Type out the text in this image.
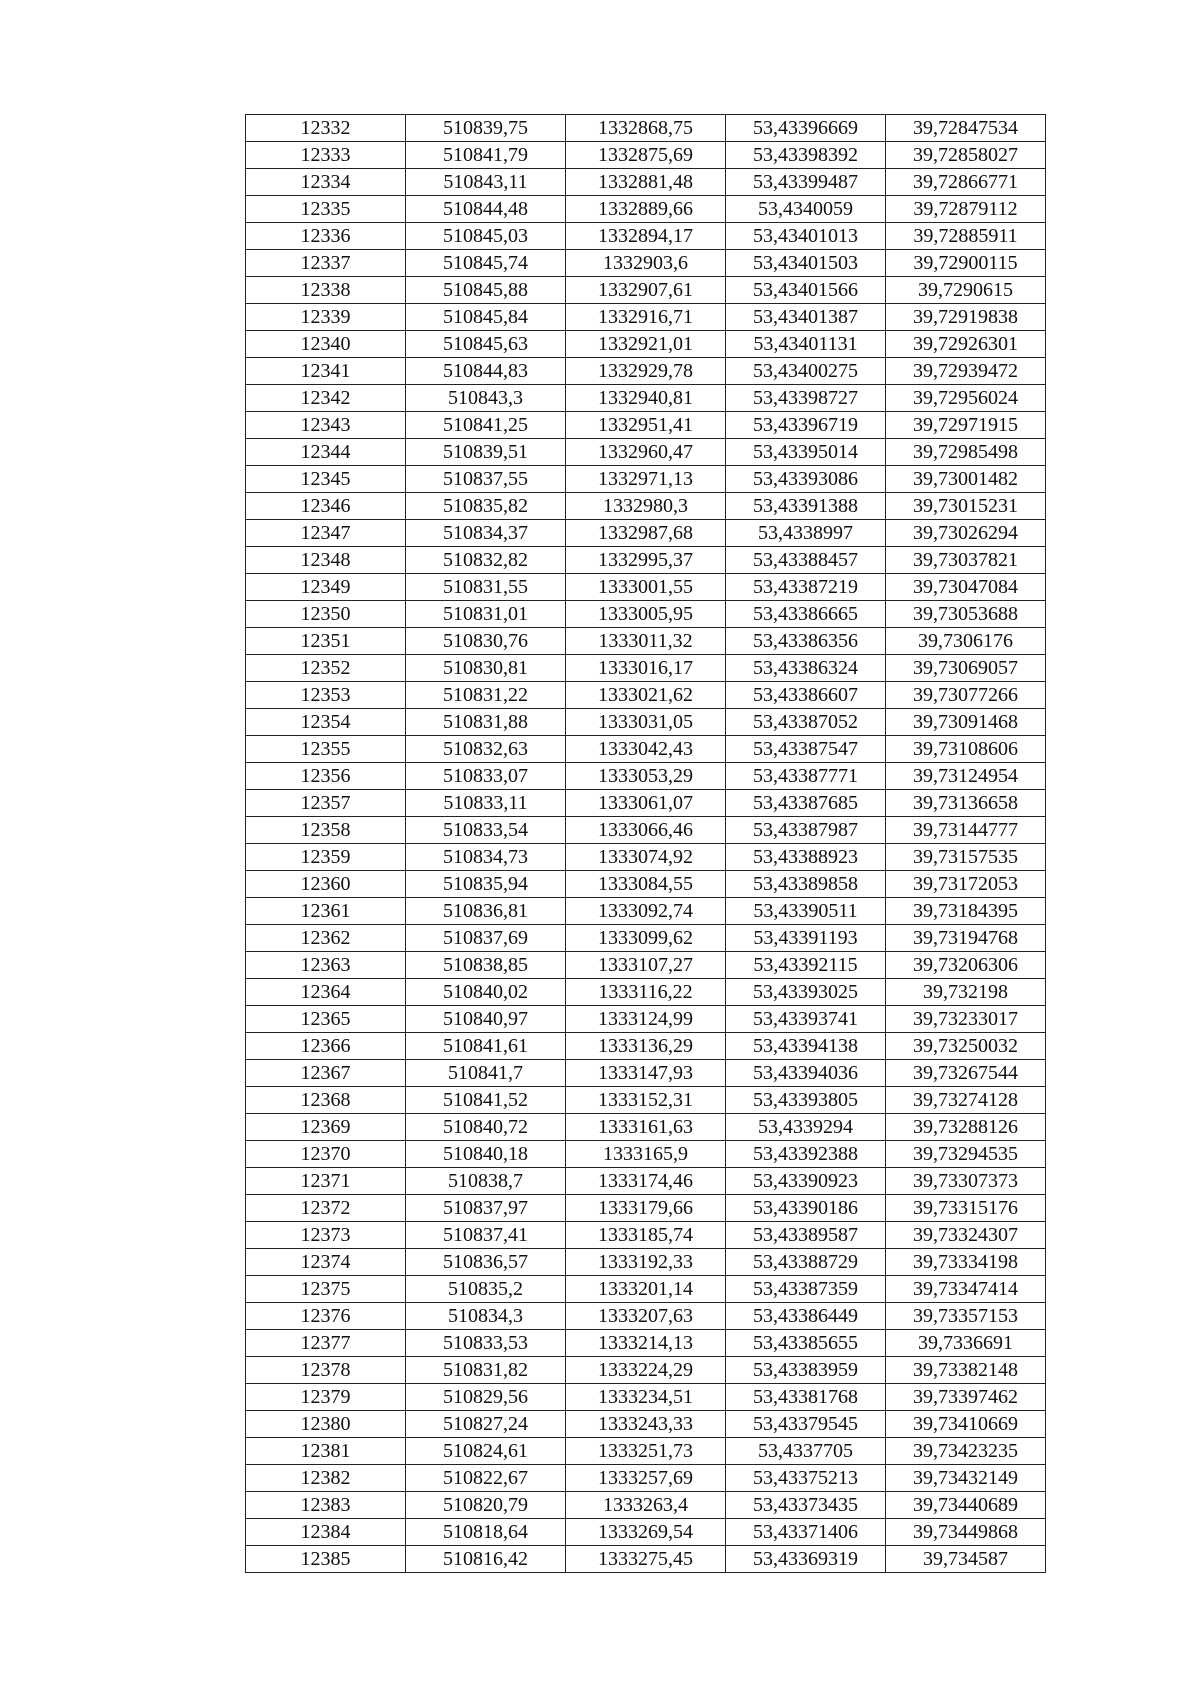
12332	510839,75	1332868,75	53,43396669	39,72847534
12333	510841,79	1332875,69	53,43398392	39,72858027
12334	510843,11	1332881,48	53,43399487	39,72866771
12335	510844,48	1332889,66	53,4340059	39,72879112
12336	510845,03	1332894,17	53,43401013	39,72885911
12337	510845,74	1332903,6	53,43401503	39,72900115
12338	510845,88	1332907,61	53,43401566	39,7290615
12339	510845,84	1332916,71	53,43401387	39,72919838
12340	510845,63	1332921,01	53,43401131	39,72926301
12341	510844,83	1332929,78	53,43400275	39,72939472
12342	510843,3	1332940,81	53,43398727	39,72956024
12343	510841,25	1332951,41	53,43396719	39,72971915
12344	510839,51	1332960,47	53,43395014	39,72985498
12345	510837,55	1332971,13	53,43393086	39,73001482
12346	510835,82	1332980,3	53,43391388	39,73015231
12347	510834,37	1332987,68	53,4338997	39,73026294
12348	510832,82	1332995,37	53,43388457	39,73037821
12349	510831,55	1333001,55	53,43387219	39,73047084
12350	510831,01	1333005,95	53,43386665	39,73053688
12351	510830,76	1333011,32	53,43386356	39,7306176
12352	510830,81	1333016,17	53,43386324	39,73069057
12353	510831,22	1333021,62	53,43386607	39,73077266
12354	510831,88	1333031,05	53,43387052	39,73091468
12355	510832,63	1333042,43	53,43387547	39,73108606
12356	510833,07	1333053,29	53,43387771	39,73124954
12357	510833,11	1333061,07	53,43387685	39,73136658
12358	510833,54	1333066,46	53,43387987	39,73144777
12359	510834,73	1333074,92	53,43388923	39,73157535
12360	510835,94	1333084,55	53,43389858	39,73172053
12361	510836,81	1333092,74	53,43390511	39,73184395
12362	510837,69	1333099,62	53,43391193	39,73194768
12363	510838,85	1333107,27	53,43392115	39,73206306
12364	510840,02	1333116,22	53,43393025	39,732198
12365	510840,97	1333124,99	53,43393741	39,73233017
12366	510841,61	1333136,29	53,43394138	39,73250032
12367	510841,7	1333147,93	53,43394036	39,73267544
12368	510841,52	1333152,31	53,43393805	39,73274128
12369	510840,72	1333161,63	53,4339294	39,73288126
12370	510840,18	1333165,9	53,43392388	39,73294535
12371	510838,7	1333174,46	53,43390923	39,73307373
12372	510837,97	1333179,66	53,43390186	39,73315176
12373	510837,41	1333185,74	53,43389587	39,73324307
12374	510836,57	1333192,33	53,43388729	39,73334198
12375	510835,2	1333201,14	53,43387359	39,73347414
12376	510834,3	1333207,63	53,43386449	39,73357153
12377	510833,53	1333214,13	53,43385655	39,7336691
12378	510831,82	1333224,29	53,43383959	39,73382148
12379	510829,56	1333234,51	53,43381768	39,73397462
12380	510827,24	1333243,33	53,43379545	39,73410669
12381	510824,61	1333251,73	53,4337705	39,73423235
12382	510822,67	1333257,69	53,43375213	39,73432149
12383	510820,79	1333263,4	53,43373435	39,73440689
12384	510818,64	1333269,54	53,43371406	39,73449868
12385	510816,42	1333275,45	53,43369319	39,734587
